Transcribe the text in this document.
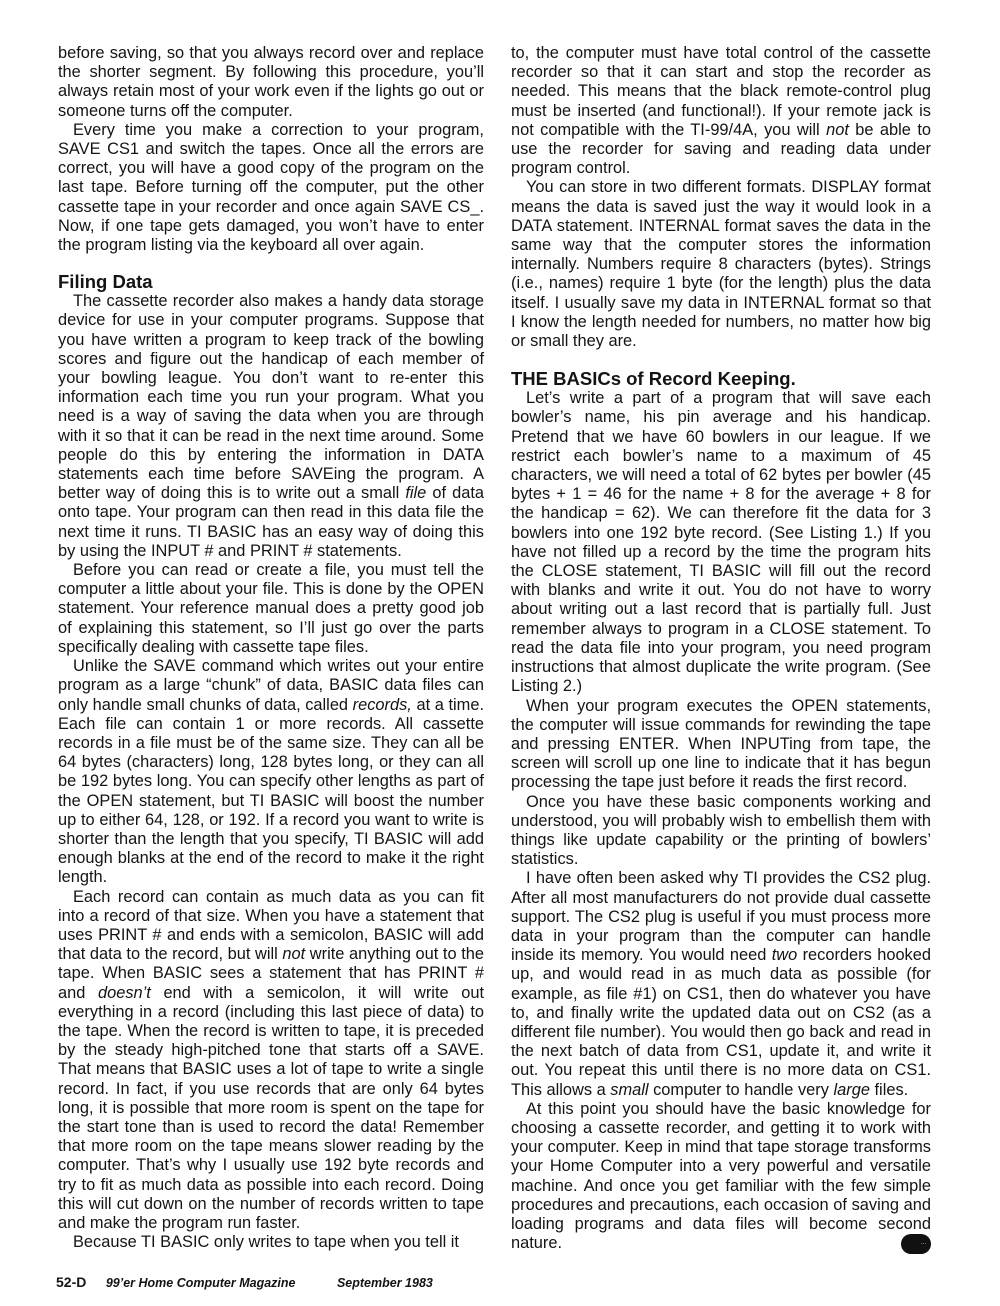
before saving, so that you always record over and replace the shorter segment. By following this procedure, you’ll always retain most of your work even if the lights go out or someone turns off the computer.

Every time you make a correction to your program, SAVE CS1 and switch the tapes. Once all the errors are correct, you will have a good copy of the program on the last tape. Before turning off the computer, put the other cassette tape in your recorder and once again SAVE CS_. Now, if one tape gets damaged, you won’t have to enter the program listing via the keyboard all over again.

Filing Data

The cassette recorder also makes a handy data storage device for use in your computer programs. Suppose that you have written a program to keep track of the bowling scores and figure out the handicap of each member of your bowling league. You don’t want to re-enter this information each time you run your program. What you need is a way of saving the data when you are through with it so that it can be read in the next time around. Some people do this by entering the information in DATA statements each time before SAVEing the program. A better way of doing this is to write out a small file of data onto tape. Your program can then read in this data file the next time it runs. TI BASIC has an easy way of doing this by using the INPUT # and PRINT # statements.

Before you can read or create a file, you must tell the computer a little about your file. This is done by the OPEN statement. Your reference manual does a pretty good job of explaining this statement, so I’ll just go over the parts specifically dealing with cassette tape files.

Unlike the SAVE command which writes out your entire program as a large “chunk” of data, BASIC data files can only handle small chunks of data, called records, at a time. Each file can contain 1 or more records. All cassette records in a file must be of the same size. They can all be 64 bytes (characters) long, 128 bytes long, or they can all be 192 bytes long. You can specify other lengths as part of the OPEN statement, but TI BASIC will boost the number up to either 64, 128, or 192. If a record you want to write is shorter than the length that you specify, TI BASIC will add enough blanks at the end of the record to make it the right length.

Each record can contain as much data as you can fit into a record of that size. When you have a statement that uses PRINT # and ends with a semicolon, BASIC will add that data to the record, but will not write anything out to the tape. When BASIC sees a statement that has PRINT # and doesn’t end with a semicolon, it will write out everything in a record (including this last piece of data) to the tape. When the record is written to tape, it is preceded by the steady high-pitched tone that starts off a SAVE. That means that BASIC uses a lot of tape to write a single record. In fact, if you use records that are only 64 bytes long, it is possible that more room is spent on the tape for the start tone than is used to record the data! Remember that more room on the tape means slower reading by the computer. That’s why I usually use 192 byte records and try to fit as much data as possible into each record. Doing this will cut down on the number of records written to tape and make the program run faster.

Because TI BASIC only writes to tape when you tell it

to, the computer must have total control of the cassette recorder so that it can start and stop the recorder as needed. This means that the black remote-control plug must be inserted (and functional!). If your remote jack is not compatible with the TI-99/4A, you will not be able to use the recorder for saving and reading data under program control.

You can store in two different formats. DISPLAY format means the data is saved just the way it would look in a DATA statement. INTERNAL format saves the data in the same way that the computer stores the information internally. Numbers require 8 characters (bytes). Strings (i.e., names) require 1 byte (for the length) plus the data itself. I usually save my data in INTERNAL format so that I know the length needed for numbers, no matter how big or small they are.

THE BASICs of Record Keeping.

Let’s write a part of a program that will save each bowler’s name, his pin average and his handicap. Pretend that we have 60 bowlers in our league. If we restrict each bowler’s name to a maximum of 45 characters, we will need a total of 62 bytes per bowler (45 bytes + 1 = 46 for the name + 8 for the average + 8 for the handicap = 62). We can therefore fit the data for 3 bowlers into one 192 byte record. (See Listing 1.) If you have not filled up a record by the time the program hits the CLOSE statement, TI BASIC will fill out the record with blanks and write it out. You do not have to worry about writing out a last record that is partially full. Just remember always to program in a CLOSE statement. To read the data file into your program, you need program instructions that almost duplicate the write program. (See Listing 2.)

When your program executes the OPEN statements, the computer will issue commands for rewinding the tape and pressing ENTER. When INPUTing from tape, the screen will scroll up one line to indicate that it has begun processing the tape just before it reads the first record.

Once you have these basic components working and understood, you will probably wish to embellish them with things like update capability or the printing of bowlers’ statistics.

I have often been asked why TI provides the CS2 plug. After all most manufacturers do not provide dual cassette support. The CS2 plug is useful if you must process more data in your program than the computer can handle inside its memory. You would need two recorders hooked up, and would read in as much data as possible (for example, as file #1) on CS1, then do whatever you have to, and finally write the updated data out on CS2 (as a different file number). You would then go back and read in the next batch of data from CS1, update it, and write it out. You repeat this until there is no more data on CS1. This allows a small computer to handle very large files.

At this point you should have the basic knowledge for choosing a cassette recorder, and getting it to work with your computer. Keep in mind that tape storage transforms your Home Computer into a very powerful and versatile machine. And once you get familiar with the few simple procedures and precautions, each occasion of saving and loading programs and data files will become second nature.	···

52-D 99’er Home Computer Magazine	September 1983
